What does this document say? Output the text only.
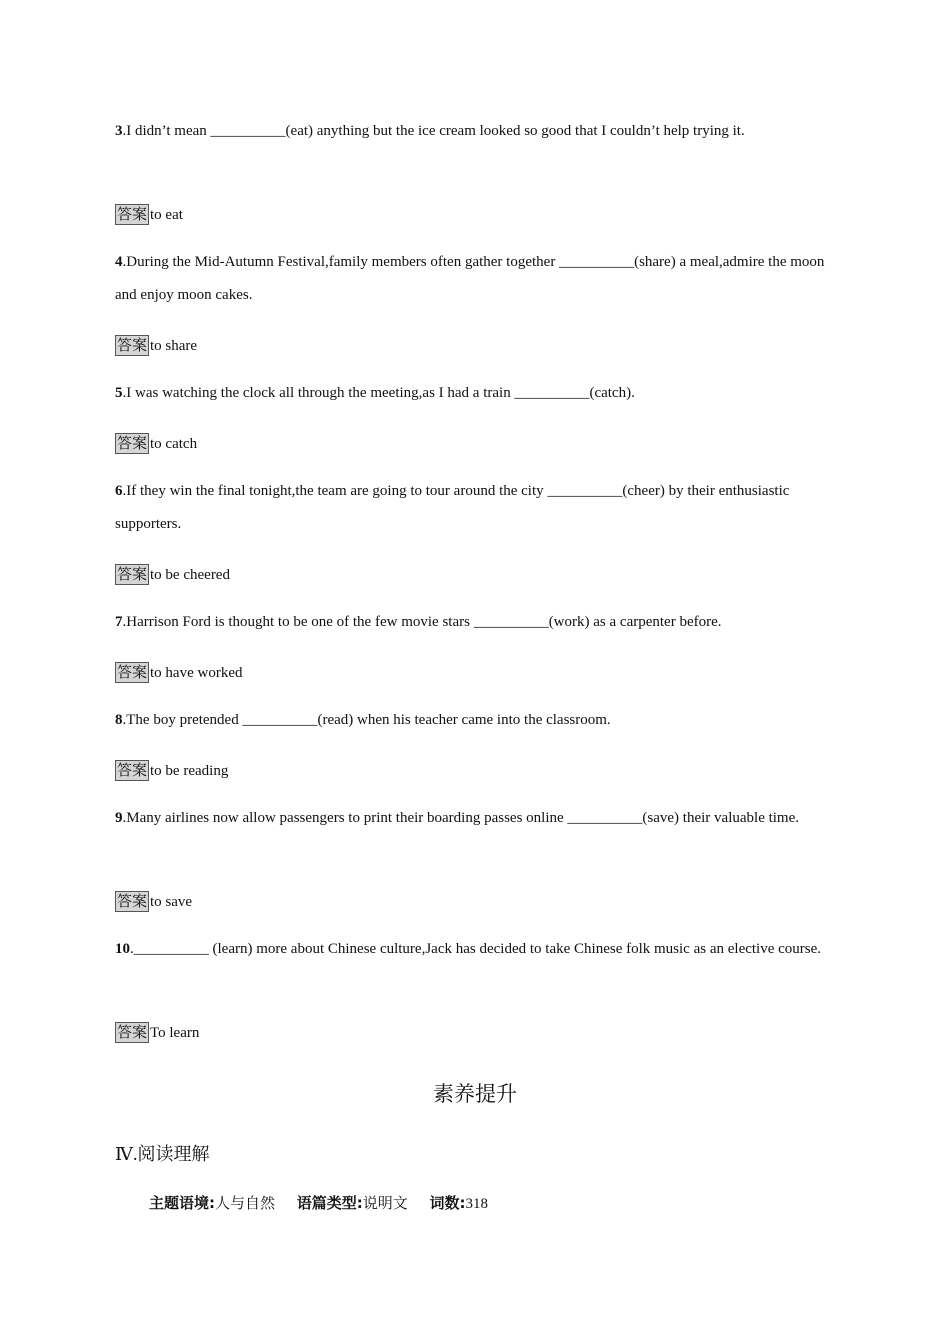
3.I didn’t mean __________(eat) anything but the ice cream looked so good that I couldn’t help trying it.
答案 to eat
4.During the Mid-Autumn Festival,family members often gather together __________(share) a meal,admire the moon and enjoy moon cakes.
答案 to share
5.I was watching the clock all through the meeting,as I had a train __________(catch).
答案 to catch
6.If they win the final tonight,the team are going to tour around the city __________(cheer) by their enthusiastic supporters.
答案 to be cheered
7.Harrison Ford is thought to be one of the few movie stars __________(work) as a carpenter before.
答案 to have worked
8.The boy pretended __________(read) when his teacher came into the classroom.
答案 to be reading
9.Many airlines now allow passengers to print their boarding passes online __________(save) their valuable time.
答案 to save
10.__________ (learn) more about Chinese culture,Jack has decided to take Chinese folk music as an elective course.
答案 To learn
素养提升
Ⅳ.阅读理解
主题语境:人与自然 语篇类型:说明文 词数:318
